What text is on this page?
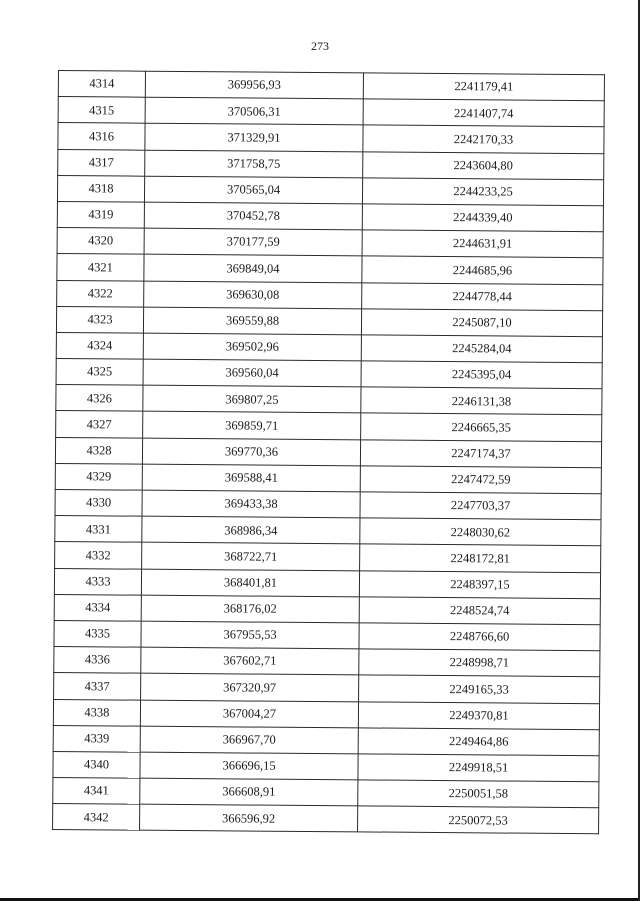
273
4314	369956,93	2241179,41
4315	370506,31	2241407,74
4316	371329,91	2242170,33
4317	371758,75	2243604,80
4318	370565,04	2244233,25
4319	370452,78	2244339,40
4320	370177,59	2244631,91
4321	369849,04	2244685,96
4322	369630,08	2244778,44
4323	369559,88	2245087,10
4324	369502,96	2245284,04
4325	369560,04	2245395,04
4326	369807,25	2246131,38
4327	369859,71	2246665,35
4328	369770,36	2247174,37
4329	369588,41	2247472,59
4330	369433,38	2247703,37
4331	368986,34	2248030,62
4332	368722,71	2248172,81
4333	368401,81	2248397,15
4334	368176,02	2248524,74
4335	367955,53	2248766,60
4336	367602,71	2248998,71
4337	367320,97	2249165,33
4338	367004,27	2249370,81
4339	366967,70	2249464,86
4340	366696,15	2249918,51
4341	366608,91	2250051,58
4342	366596,92	2250072,53
